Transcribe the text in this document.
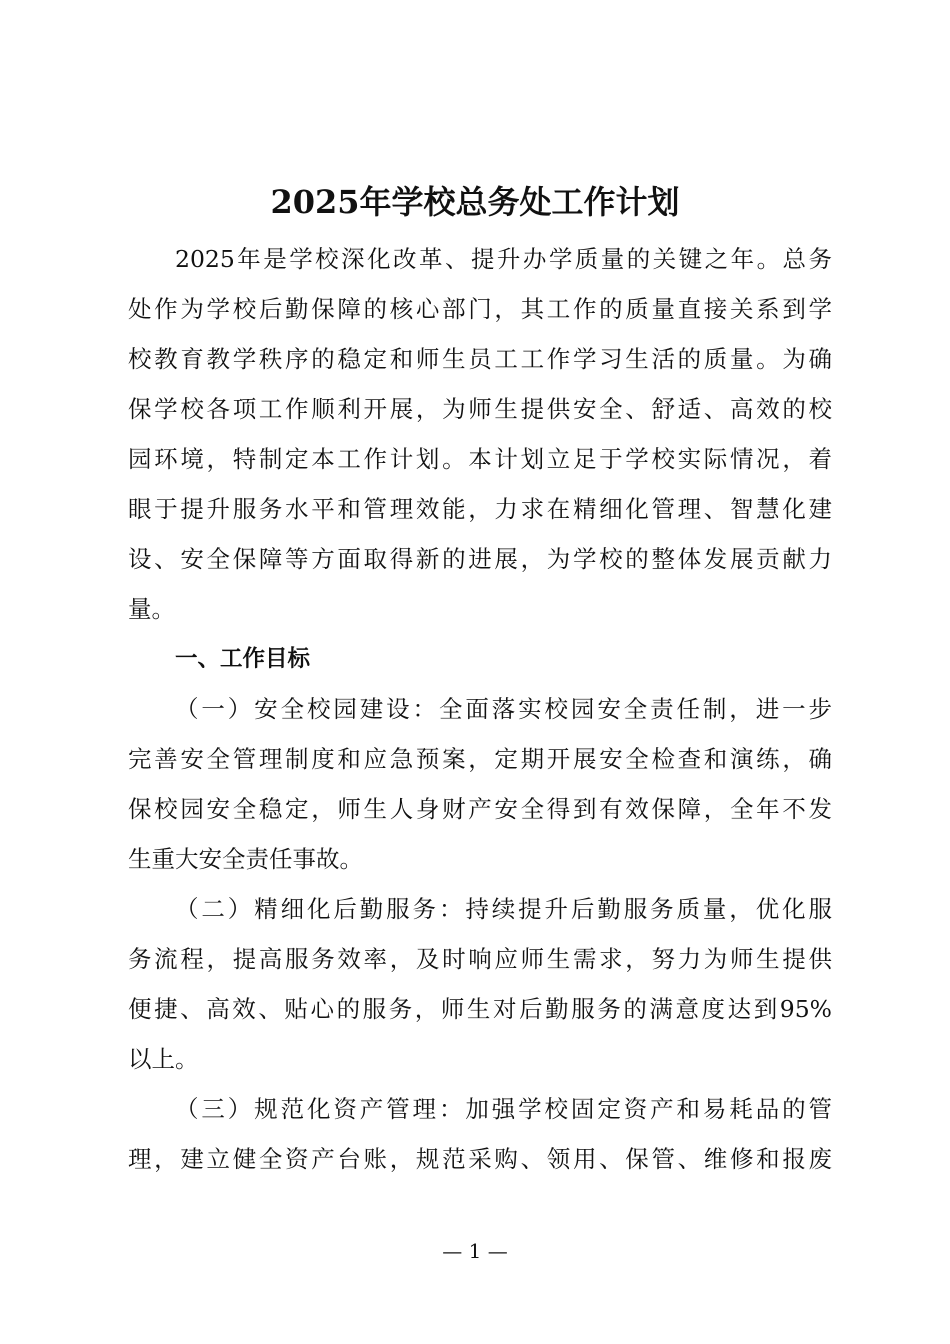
2025年学校总务处工作计划
2025年是学校深化改革、提升办学质量的关键之年。总务
处作为学校后勤保障的核心部门，其工作的质量直接关系到学
校教育教学秩序的稳定和师生员工工作学习生活的质量。为确
保学校各项工作顺利开展，为师生提供安全、舒适、高效的校
园环境，特制定本工作计划。本计划立足于学校实际情况，着
眼于提升服务水平和管理效能，力求在精细化管理、智慧化建
设、安全保障等方面取得新的进展，为学校的整体发展贡献力
量。
一、工作目标
（一）安全校园建设：全面落实校园安全责任制，进一步
完善安全管理制度和应急预案，定期开展安全检查和演练，确
保校园安全稳定，师生人身财产安全得到有效保障，全年不发
生重大安全责任事故。
（二）精细化后勤服务：持续提升后勤服务质量，优化服
务流程，提高服务效率，及时响应师生需求，努力为师生提供
便捷、高效、贴心的服务，师生对后勤服务的满意度达到95%
以上。
（三）规范化资产管理：加强学校固定资产和易耗品的管
理，建立健全资产台账，规范采购、领用、保管、维修和报废
— 1 —
